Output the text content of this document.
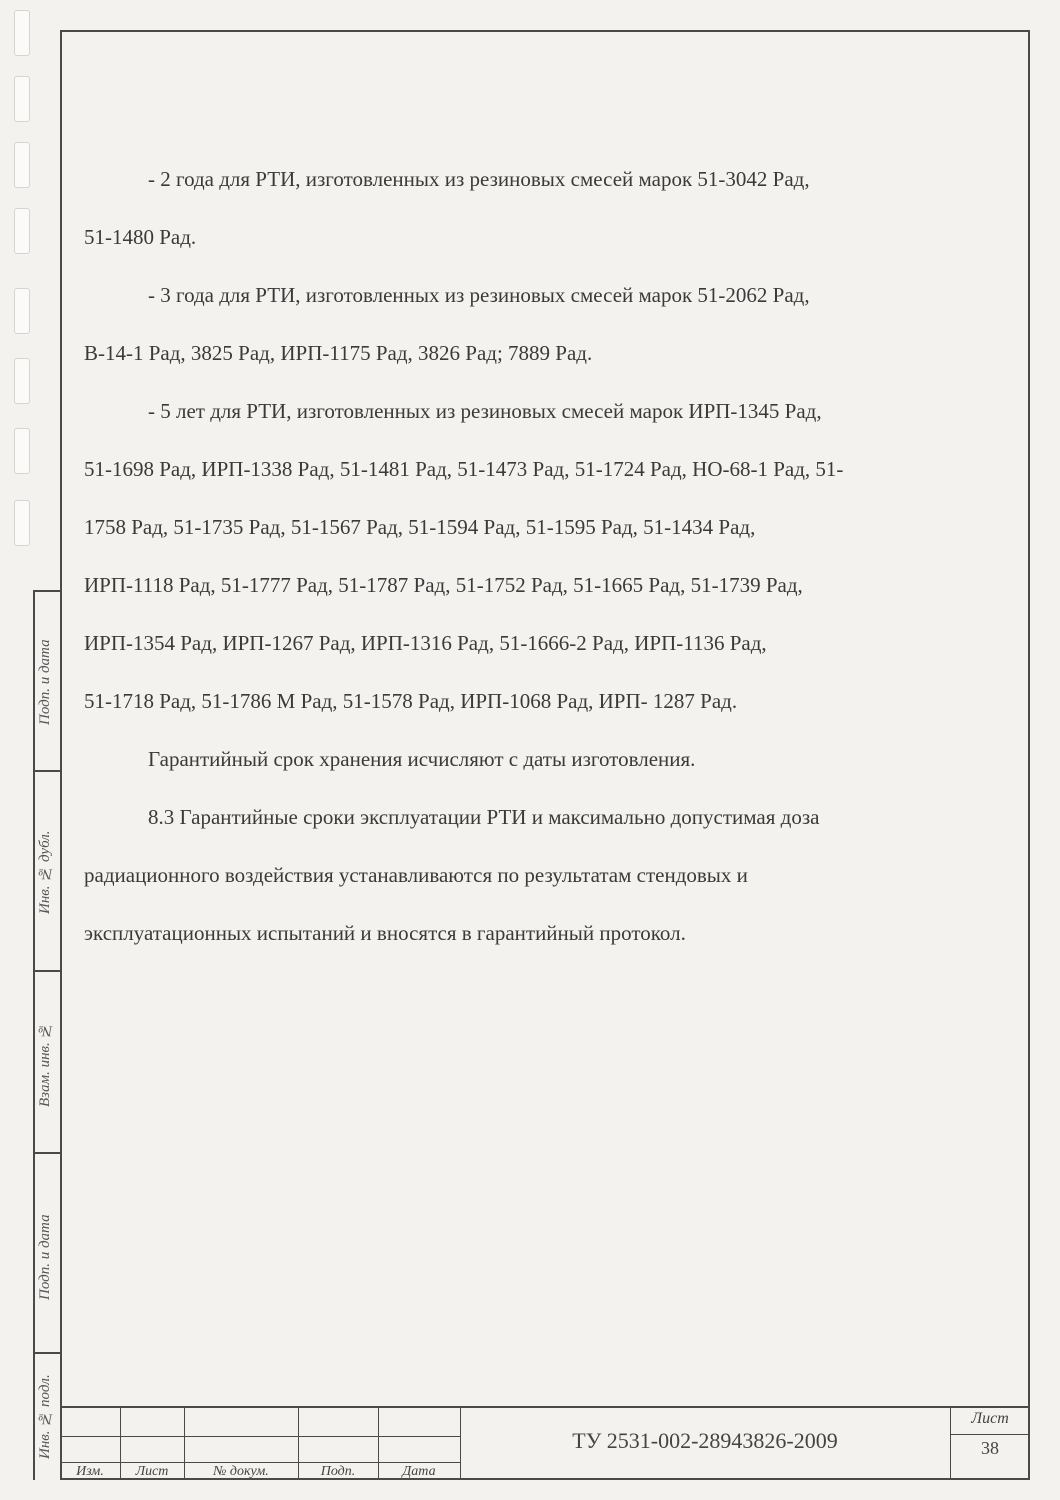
- 2 года для РТИ, изготовленных из резиновых смесей марок 51-3042 Рад,

51-1480 Рад.

- 3 года для РТИ, изготовленных из резиновых смесей марок 51-2062 Рад,

В-14-1 Рад, 3825 Рад, ИРП-1175 Рад, 3826 Рад; 7889 Рад.

- 5 лет для РТИ, изготовленных из резиновых смесей марок ИРП-1345 Рад,

51-1698 Рад, ИРП-1338 Рад, 51-1481 Рад, 51-1473 Рад, 51-1724 Рад, НО-68-1 Рад, 51-

1758 Рад, 51-1735 Рад, 51-1567 Рад, 51-1594 Рад, 51-1595 Рад, 51-1434 Рад,

ИРП-1118 Рад, 51-1777 Рад, 51-1787 Рад, 51-1752 Рад, 51-1665 Рад, 51-1739 Рад,

ИРП-1354 Рад, ИРП-1267 Рад, ИРП-1316 Рад, 51-1666-2 Рад, ИРП-1136 Рад,

51-1718 Рад, 51-1786 М Рад, 51-1578 Рад, ИРП-1068 Рад, ИРП- 1287 Рад.

Гарантийный срок хранения исчисляют с даты изготовления.

8.3 Гарантийные сроки эксплуатации РТИ и максимально допустимая доза

радиационного воздействия устанавливаются по результатам стендовых и

эксплуатационных испытаний и вносятся в гарантийный протокол.

Подп. и дата
Инв. № дубл.
Взам. инв. №
Подп. и дата
Инв. № подл.
Изм.	Лист	№ докум.	Подп.	Дата
ТУ 2531-002-28943826-2009
Лист
38
